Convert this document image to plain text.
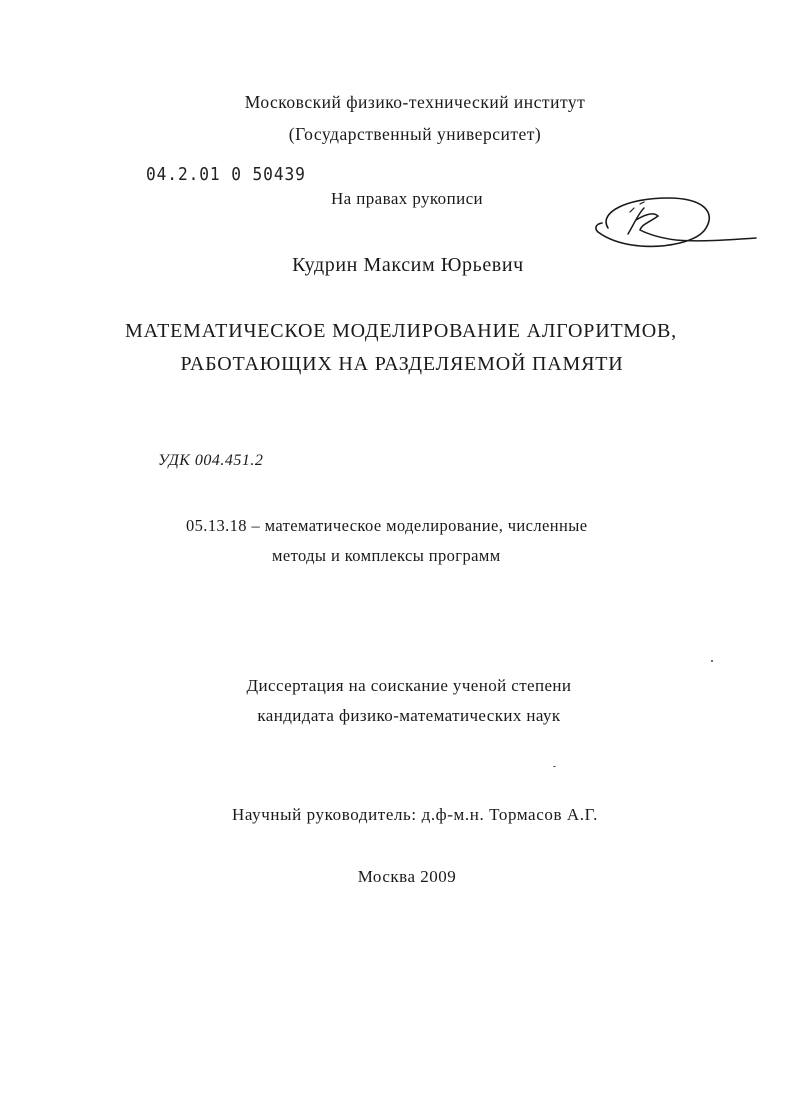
Московский физико-технический институт
(Государственный университет)
04.2.01 0 50439
На правах рукописи
Кудрин Максим Юрьевич
МАТЕМАТИЧЕСКОЕ МОДЕЛИРОВАНИЕ АЛГОРИТМОВ,
РАБОТАЮЩИХ НА РАЗДЕЛЯЕМОЙ ПАМЯТИ
УДК 004.451.2
05.13.18 – математическое моделирование, численные
методы и комплексы программ
Диссертация на соискание ученой степени
кандидата физико-математических наук
Научный руководитель: д.ф-м.н. Тормасов А.Г.
Москва 2009
